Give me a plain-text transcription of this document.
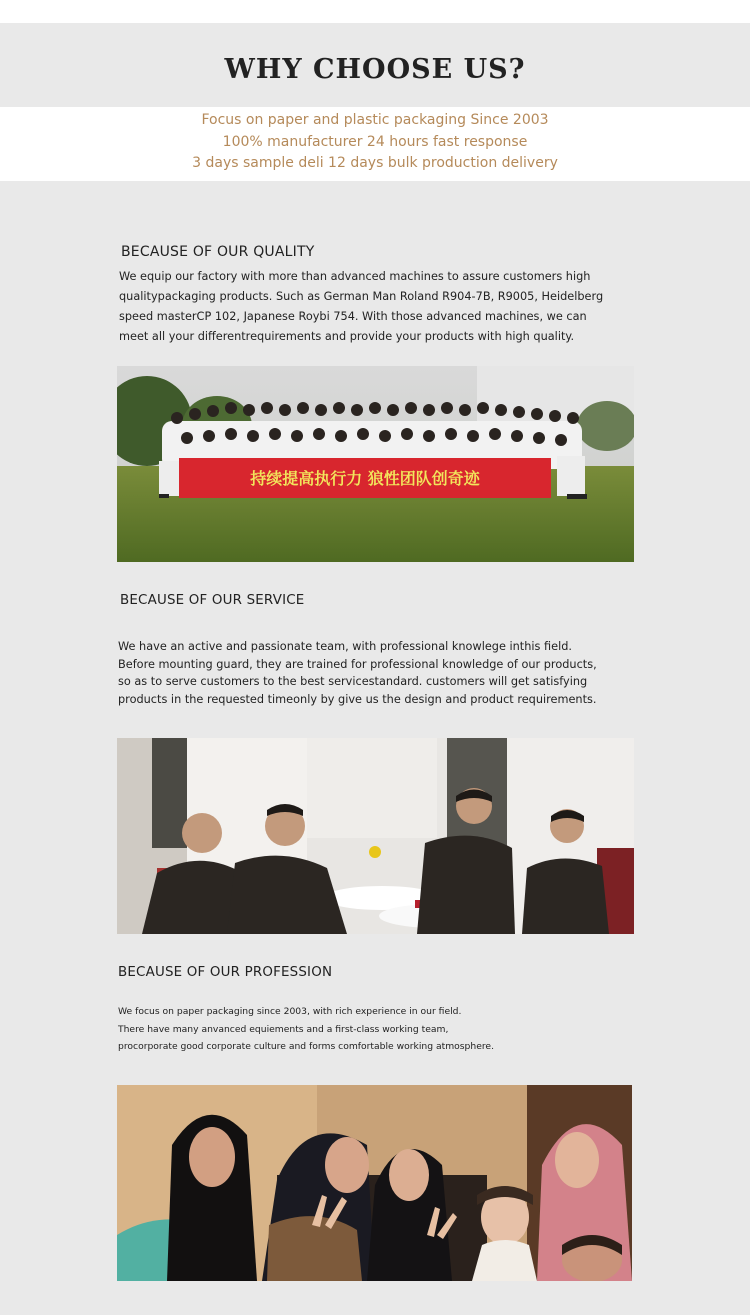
WHY CHOOSE US?
Focus on paper and plastic packaging Since 2003
100% manufacturer 24 hours fast response
3 days sample deli 12 days bulk production delivery
BECAUSE OF OUR QUALITY
We equip our factory with more than advanced machines to assure customers high qualitypackaging products. Such as German Man Roland R904-7B, R9005, Heidelberg speed masterCP 102, Japanese Roybi 754. With those advanced machines, we can meet all your differentrequirements and provide your products with high quality.
持续提高执行力 狼性团队创奇迹
BECAUSE OF OUR SERVICE
We have an active and passionate team, with professional knowlege inthis field. Before mounting guard, they are trained for professional knowledge of our products, so as to serve customers to the best servicestandard. customers will get satisfying products in the requested timeonly by give us the design and product requirements.
BECAUSE OF OUR PROFESSION
We focus on paper packaging since 2003, with rich experience in our field.
There have many anvanced equiements and a first-class working team,
procorporate good corporate culture and forms comfortable working atmosphere.
